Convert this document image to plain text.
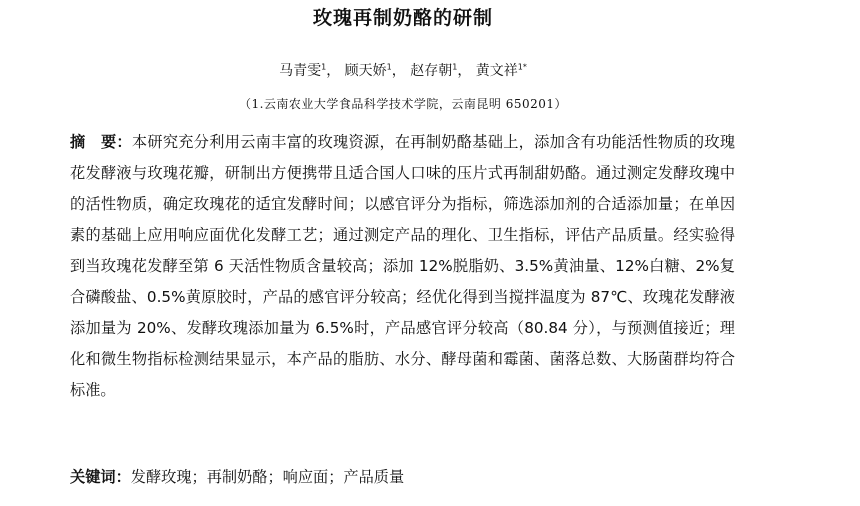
玫瑰再制奶酪的研制
马青雯$^1$， 顾天娇$^1$， 赵存朝$^1$， 黄文祥$^{1*}$
（1.云南农业大学食品科学技术学院，云南昆明 650201）
摘　要：本研究充分利用云南丰富的玫瑰资源，在再制奶酪基础上，添加含有功能活性物质的玫瑰花发酵液与玫瑰花瓣，研制出方便携带且适合国人口味的压片式再制甜奶酪。通过测定发酵玫瑰中的活性物质，确定玫瑰花的适宜发酵时间；以感官评分为指标，筛选添加剂的合适添加量；在单因素的基础上应用响应面优化发酵工艺；通过测定产品的理化、卫生指标，评估产品质量。经实验得到当玫瑰花发酵至第 6 天活性物质含量较高；添加 12%脱脂奶、3.5%黄油量、12%白糖、2%复合磷酸盐、0.5%黄原胶时，产品的感官评分较高；经优化得到当搅拌温度为 87℃、玫瑰花发酵液添加量为 20%、发酵玫瑰添加量为 6.5%时，产品感官评分较高（80.84 分），与预测值接近；理化和微生物指标检测结果显示，本产品的脂肪、水分、酵母菌和霉菌、菌落总数、大肠菌群均符合标准。
关键词：发酵玫瑰；再制奶酪；响应面；产品质量
